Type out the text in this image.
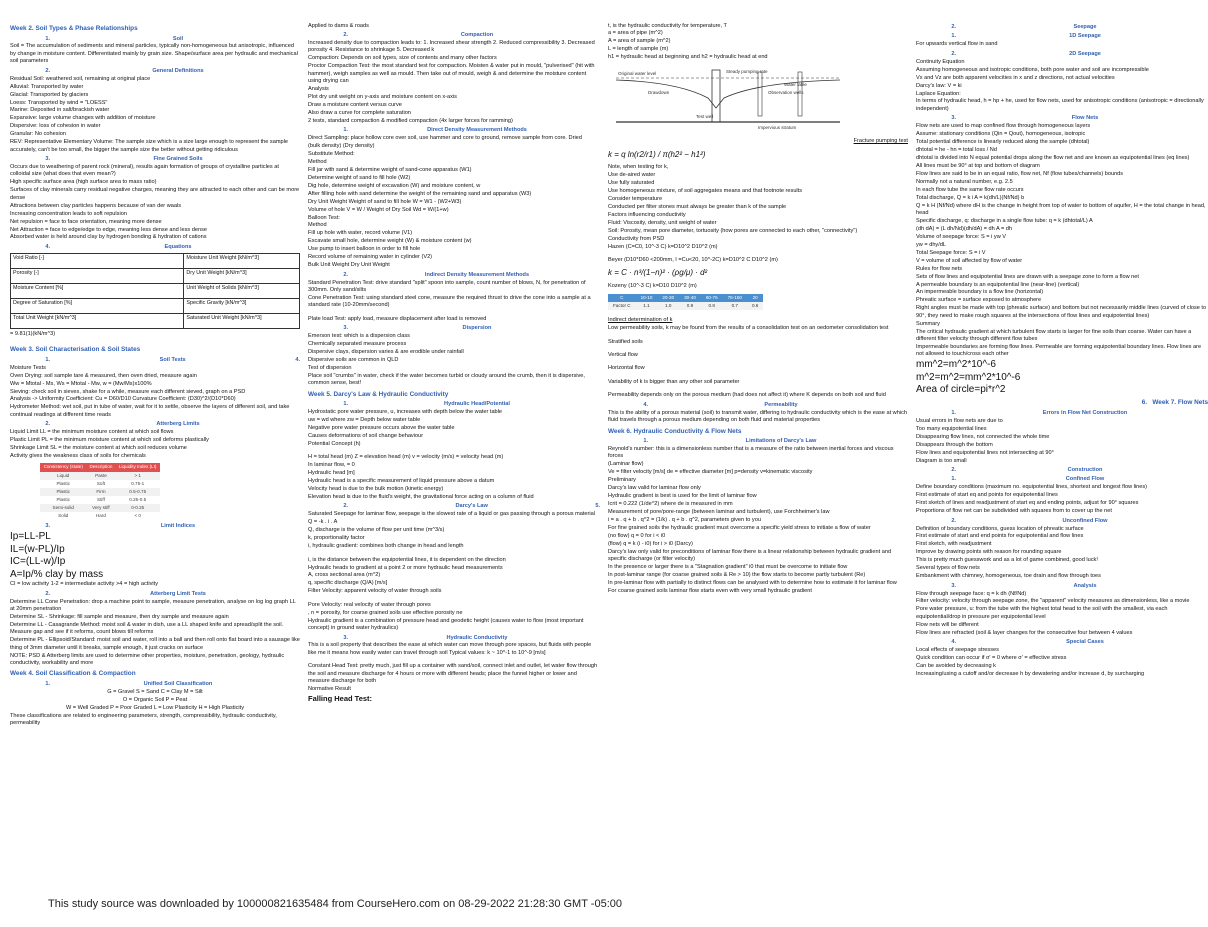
Week 2. Soil Types & Phase Relationships
1.	Soil
Soil = The accumulation of sediments and mineral particles, typically non-homogeneous but anisotropic, influenced by change in moisture content. Differentiated mainly by grain size. Shape/surface area per hydraulic and mechanical soil parameters
2.	General Definitions
Residual Soil: weathered soil, remaining at original place
Alluvial: Transported by water
Glacial: Transported by glaciers
Loess: Transported by wind = "LOESS"
Marine: Deposited in salt/brackish water
Expansive: large volume changes with addition of moisture
Dispersive: loss of cohesion in water
Granular: No cohesion
REV: Representative Elementary Volume: The sample size which is a size large enough to represent the sample accurately, can't be too small, the bigger the sample size the better without getting ridiculous
3.	Fine Grained Soils
Occurs due to weathering of parent rock (mineral), results again formation of groups of crystalline particles at colloidal size (what does that even mean?)
High specific surface area (high surface area to mass ratio)
Surfaces of clay minerals carry residual negative charges, meaning they are attracted to each other and can be more dense
Attractions between clay particles happens because of van der waals
Increasing concentration leads to soft repulsion
Net repulsion = face to face orientation, meaning more dense
Net Attraction = face to edge/edge to edge, meaning less dense and less dense
Absorbed water is held around clay by hydrogen bonding & hydration of cations
4.	Equations
Void Ratio [-]	Moisture Unit Weight [kN/m^3]
Porosity [-]	Dry Unit Weight [kN/m^3]
Moisture Content [%]	Unit Weight of Solids [kN/m^3]
Degree of Saturation [%]	Specific Gravity [kN/m^3]
Total Unit Weight [kN/m^3]	Saturated Unit Weight [kN/m^3]
= 9.81(1)(kN/m^3)
Week 3. Soil Characterisation & Soil States
1.	Soil Tests	4.
Moisture Tests
Oven Drying: soil sample tare & measured, then oven dried, measure again
Ww = Mtotal - Ms, Ws = Mtotal - Mw, w = (Mw/Ms)x100%
Sieving: check soil in sieves, shake for a while, measure each different sieved, graph on a PSD
Analysis -> Uniformity Coefficient: Cu = D60/D10 Curvature Coefficient: (D30)^2/(D10*D60)
Hydrometer Method: wet soil, put in tube of water, wait for it to settle, observe the layers of different soil, and take continual readings at different time reads
2.	Atterberg Limits
Liquid Limit LL = the minimum moisture content at which soil flows
Plastic Limit PL = the minimum moisture content at which soil deforms plastically
Shrinkage Limit SL = the moisture content at which soil reduces volume
Activity gives the weakness class of soils for chemicals
Consistency (state)	Description	Liquidity Index (LI)
Liquid	Paste	> 1
Plastic	Soft	0.75-1
Plastic	Firm	0.5-0.75
Plastic	Stiff	0.25-0.5
Semi-solid	Very stiff	0-0.25
Solid	Hard	< 0
3.	Limit Indices
Ip=LL-PL
IL=(w-PL)/Ip
IC=(LL-w)/Ip
A=Ip/% clay by mass
CI = low activity 1-2 = intermediate activity >4 = high activity
2.	Atterberg Limit Tests
Determine LL Cone Penetration: drop a machine point to sample, measure penetration, analyse on log log graph LL at 20mm penetration
Determine SL - Shrinkage: fill sample and measure, then dry sample and measure again
Determine LL - Casagrande Method: moist soil & water in dish, use a LL shaped knife and spread/split the soil. Measure gap and see if it reforms, count blows till reforms
Determine PL - Ellipsoid/Standard: moist soil and water, roll into a ball and then roll onto flat board into a sausage like thing of 3mm diameter until it breaks, sample enough, it just cracks on surface
NOTE: PSD & Atterberg limits are used to determine other properties, moisture, penetration, geology, hydraulic conductivity, workability and more
Week 4. Soil Classification & Compaction
1.	Unified Soil Classification
G = Gravel S = Sand C = Clay M = Silt
O = Organic Soil P = Peat
W = Well Graded P = Poor Graded L = Low Plasticity H = High Plasticity
These classifications are related to engineering parameters, strength, compressibility, hydraulic conductivity, permeability
Applied to dams & roads
2.	Compaction
Increased density due to compaction leads to: 1. Increased shear strength 2. Reduced compressibility 3. Decreased porosity 4. Resistance to shrinkage 5. Decreased k
Compaction: Depends on soil types, size of contents and many other factors
Proctor Compaction Test: the most standard test for compaction. Moisten & water put in mould, "pulverised" (hit with hammer), weigh samples as well as mould. Then take out of mould, weigh & and determine the moisture content using drying can
Analysis
Plot dry unit weight on y-axis and moisture content on x-axis
Draw a moisture content versus curve
Also draw a curve for complete saturation
2 tests, standard compaction & modified compaction (4x larger forces for ramming)
1.	Direct Density Measurement Methods
Direct Sampling: place hollow core over soil, use hammer and core to ground, remove sample from core. Dried
(bulk density) (Dry density)
Substitute Method:
Method
Fill jar with sand & determine weight of sand-cone apparatus (W1)
Determine weight of sand to fill hole (W2)
Dig hole, determine weight of excavation (W) and moisture content, w
After filling hole with sand determine the weight of the remaining sand and apparatus (W3)
Dry Unit Weight Weight of sand to fill hole W = W1 - (W2+W3)
Volume of hole V = W / Weight of Dry Soil Wd = W/(1+w)
Balloon Test:
Method
Fill up hole with water, record volume (V1)
Excavate small hole, determine weight (W) & moisture content (w)
Use pump to insert balloon in order to fill hole
Record volume of remaining water in cylinder (V2)
Bulk Unit Weight Dry Unit Weight
2.	Indirect Density Measurement Methods
Standard Penetration Test: drive standard "split" spoon into sample, count number of blows, N, for penetration of 300mm. Only sand/silts
Cone Penetration Test: using standard steel cone, measure the required thrust to drive the cone into a sample at a standard rate (10-20mm/second)
Plate load Test: apply load, measure displacement after load is removed
3.	Dispersion
Emerson test: which is a dispersion class
Chemically separated measure process
Dispersive clays, dispersion varies & are erodible under rainfall
Dispersive soils are common in QLD
Test of dispersion
Place soil "crumbs" in water, check if the water becomes turbid or cloudy around the crumb, then it is dispersive, common sense, best!
Week 5. Darcy's Law & Hydraulic Conductivity
1.	Hydraulic Head/Potential
Hydrostatic pore water pressure, u, increases with depth below the water table
uw = wd where zw = Depth below water table
Negative pore water pressure occurs above the water table
Causes deformations of soil change behaviour
Potential Concept (h)
H = total head (m) Z = elevation head (m) v = velocity (m/s) = velocity head (m)
In laminar flow, = 0
Hydraulic head [m]
Hydraulic head is a specific measurement of liquid pressure above a datum
Velocity head is due to the bulk motion (kinetic energy)
Elevation head is due to the fluid's weight, the gravitational force acting on a column of fluid
2.	Darcy's Law	5.
Saturated Seepage for laminar flow, seepage is the slowest rate of a liquid or gas passing through a porous material
Q = -k . i . A
Q, discharge is the volume of flow per unit time (m^3/s)
k, proportionality factor
i, hydraulic gradient: combines both change in head and length
i, is the distance between the equipotential lines, it is dependent on the direction
Hydraulic heads to gradient at a point 2 or more hydraulic head measurements
A, cross sectional area (m^2)
q, specific discharge (Q/A) [m/s]
Filter Velocity: apparent velocity of water through soils
Pore Velocity: real velocity of water through pores
, n = porosity, for coarse grained soils use effective porosity ne
Hydraulic gradient is a combination of pressure head and geodetic height (causes water to flow (most important concept) in ground water hydraulics)
3.	Hydraulic Conductivity
This is a soil property that describes the ease at which water can move through pore spaces, but fluids with people like me it means how easily water can travel through soil Typical values: k ~ 10^-1 to 10^-9 [m/s]
Constant Head Test: pretty much, just fill up a container with sand/soil, connect inlet and outlet, let water flow through the soil and measure discharge for 4 hours or more with different heads; place the funnel higher or lower and measure discharge for both
Normative Result
Falling Head Test:
t, is the hydraulic conductivity for temperature, T
a = area of pipe (m^2)
A = area of sample (m^2)
L = length of sample (m)
h1 = hydraulic head at beginning and h2 = hydraulic head at end
Original water level	Steady pumping rate
Drawdown	Observation wells
Water table
Impervious stratum
Test well
Fracture pumping test
k = q ln(r2/r1) / π(h2² − h1²)
Note, when testing for k,
Use de-aired water
Use fully saturated
Use homogeneous mixture, of soil aggregates means and that footnote results
Consider temperature
Conducted per filter stones must always be greater than k of the sample
Factors influencing conductivity
Fluid: Viscosity, density, unit weight of water
Soil: Porosity, mean pore diameter, tortuosity (how pores are connected to each other, "connectivity")
Conductivity from PSD
Hazen (C=C0, 10^-3 C) k=D10^2 D10^2 (m)
Beyer (D10*D60 <200mm, I =Cu<20, 10^-2C) k=D10^2 C D10^2 (m)
k = C · n³/(1−n)² · (ρg/μ) · d²
Kozeny (10^-3 C) k=D10 D10^2 (m)
C	10-10	20-30	30-40	60-75	75-150	20
Factor C	1.1	1.0	0.9	0.8	0.7	0.6
Indirect determination of k
Low permeability soils, k may be found from the results of a consolidation test on an oedometer consolidation test
Stratified soils
Vertical flow
Horizontal flow
Variability of k is bigger than any other soil parameter
Permeability depends only on the porous medium (had does not affect it) where K depends on both soil and fluid
4.	Permeability
This is the ability of a porous material (soil) to transmit water, differing to hydraulic conductivity which is the ease at which fluid travels through a porous medium depending on both fluid and material properties
Week 6. Hydraulic Conductivity & Flow Nets
1.	Limitations of Darcy's Law
Reynold's number: this is a dimensionless number that is a measure of the ratio between inertial forces and viscous forces
(Laminar flow)
Ve = filter velocity [m/s] de = effective diameter [m] p=density v=kinematic viscosity
Preliminary
Darcy's law valid for laminar flow only
Hydraulic gradient is best is used for the limit of laminar flow
Icrit = 0.222 (1/de^2) where de is measured in mm
Measurement of pore/pore-range (between laminar and turbulent), use Forchheimer's law
i = a . q + b . q^2 = (1/k) . q + b . q^2, parameters given to you
For fine grained soils the hydraulic gradient must overcome a specific yield stress to initiate a flow of water
(no flow) q = 0 for i < i0
(flow) q = k (i - i0) for i > i0 (Darcy)
Darcy's law only valid for preconditions of laminar flow there is a linear relationship between hydraulic gradient and specific discharge (or filter velocity)
In the presence or larger there is a "Stagnation gradient" i0 that must be overcome to initiate flow
In post-laminar range (for coarse grained soils & Re > 10) the flow starts to become partly turbulent (Re)
In pre-laminar flow with partially to distinct flows can be analysed with to determine how to estimate it for laminar flow
For coarse grained soils laminar flow starts even with very small hydraulic gradient
2.	Seepage
1.	1D Seepage
For upwards vertical flow in sand
2.	2D Seepage
Continuity Equation
Assuming homogeneous and isotropic conditions, both pore water and soil are incompressible
Vx and Vz are both apparent velocities in x and z directions, not actual velocities
Darcy's law: V = ki
Laplace Equation:
In terms of hydraulic head, h = hp + he, used for flow nets, used for anisotropic conditions (anisotropic = directionally independent)
3.	Flow Nets
Flow nets are used to map confined flow through homogeneous layers
Assume: stationary conditions (Qin = Qout), homogeneous, isotropic
Total potential difference is linearly reduced along the sample (dhtotal)
dhtotal = he - hn = total loss / Nd
dhtotal is divided into N equal potential drops along the flow net and are known as equipotential lines (eq lines)
All lines must be 90° at top and bottom of diagram
Flow lines are said to be in an equal ratio, flow net, Nf (flow tubes/channels) bounds
Normally not a natural number, e.g. 2.5
In each flow tube the same flow rate occurs
Total discharge, Q = k i A = k(dh/L)(Nf/Nd) b
Q = k H (Nf/Nd) where dH is the change in height from top of water to bottom of aquifer, H = the total change in head, head
Specific discharge, q: discharge in a single flow tube: q = k (dhtotal/L) A
(dh dA) = (L dh/Nd)(dh/dA) = dh A = dh
Volume of seepage force: S = i yw V
yw = dhy/dL
Total Seepage force: S = i V
V = volume of soil affected by flow of water
Rules for flow nets
Sets of flow lines and equipotential lines are drawn with a seepage zone to form a flow net
A permeable boundary is an equipotential line (near-line) (vertical)
An impermeable boundary is a flow line (horizontal)
Phreatic surface = surface exposed to atmosphere
Right angles must be made with top (phreatic surface) and bottom but not necessarily middle lines (curved of close to 90°, they need to make rough squares at the intersections of flow lines and equipotential lines)
Summary
The critical hydraulic gradient at which turbulent flow starts is larger for fine soils than coarse. Water can have a different filter velocity through different flow tubes
Impermeable boundaries are forming flow lines. Permeable are forming equipotential boundary lines. Flow lines are not allowed to touch/cross each other
mm^2=m^2*10^-6
m^2=m^2=mm^2*10^-6
Area of circle=pi*r^2
6. Week 7. Flow Nets
1.	Errors in Flow Net Construction
Usual errors in flow nets are due to
Too many equipotential lines
Disappearing flow lines, not connected the whole time
Disappears through the bottom
Flow lines and equipotential lines not intersecting at 90°
Diagram is too small
2.	Construction
1.	Confined Flow
Define boundary conditions (maximum no. equipotential lines, shortest and longest flow lines)
First estimate of start eq and points for equipotential lines
First sketch of lines and readjustment of start eq and ending points, adjust for 90° squares
Proportions of flow net can be subdivided with squares from to cover up the net
2.	Unconfined Flow
Definition of boundary conditions, guess location of phreatic surface
First estimate of start and end points for equipotential and flow lines
First sketch, with readjustment
Improve by drawing points with reason for rounding square
This is pretty much guesswork and as a lot of game combined, good luck!
Several types of flow nets
Embankment with chimney, homogeneous, toe drain and flow through toes
3.	Analysis
Flow through seepage face: q = k dh (Nf/Nd)
Filter velocity: velocity through seepage zone, the "apparent" velocity measures as dimensionless, like a movie
Pore water pressure, u: from the tube with the highest total head to the soil with the smallest, via each equipotential/drop in pressure per equipotential level
Flow nets will be different
Flow lines are refracted (soil & layer changes for the consecutive four between 4 values
4.	Special Cases
Local effects of seepage stresses
Quick condition can occur if σ' = 0 where σ' = effective stress
Can be avoided by decreasing k
Increasing/using a cutoff and/or decrease h by dewatering and/or increase d, by surcharging
This study source was downloaded by 100000821635484 from CourseHero.com on 08-29-2022 21:28:30 GMT -05:00
